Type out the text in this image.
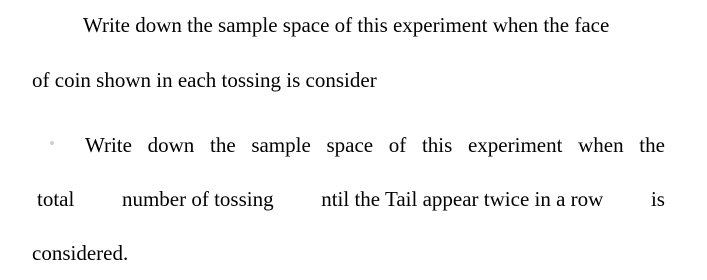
Write down the sample space of this experiment when the face
of coin shown in each tossing is consider
Write down the sample space of this experiment when the
total number of tossing ntil the Tail appear twice in a row is
considered.
